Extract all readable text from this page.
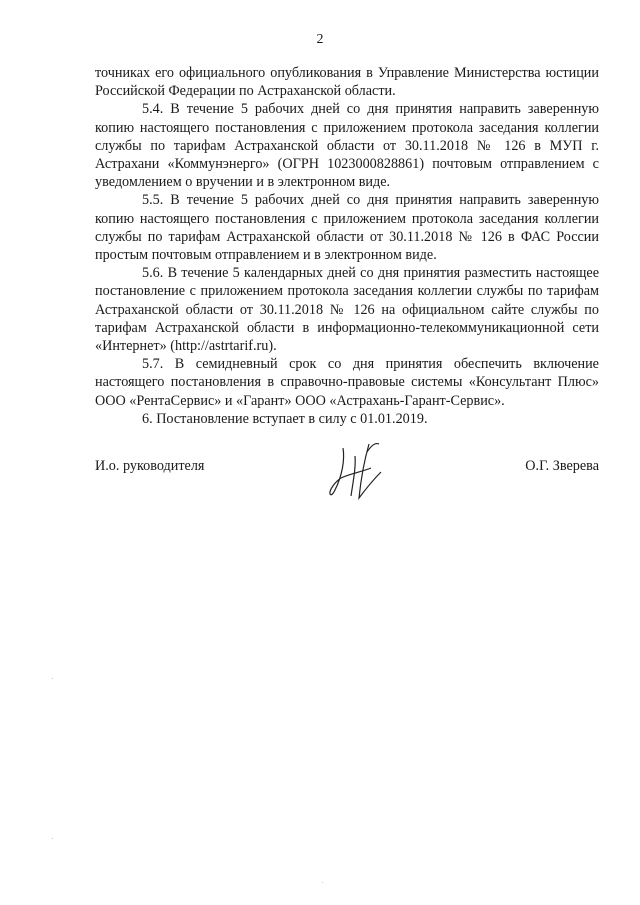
2

точниках его официального опубликования в Управление Министерства юстиции Российской Федерации по Астраханской области.

5.4. В течение 5 рабочих дней со дня принятия направить заверенную копию настоящего постановления с приложением протокола заседания коллегии службы по тарифам Астраханской области от 30.11.2018 № 126 в МУП г. Астрахани «Коммунэнерго» (ОГРН 1023000828861) почтовым отправлением с уведомлением о вручении и в электронном виде.

5.5. В течение 5 рабочих дней со дня принятия направить заверенную копию настоящего постановления с приложением протокола заседания коллегии службы по тарифам Астраханской области от 30.11.2018 № 126 в ФАС России простым почтовым отправлением и в электронном виде.

5.6. В течение 5 календарных дней со дня принятия разместить настоящее постановление с приложением протокола заседания коллегии службы по тарифам Астраханской области от 30.11.2018 № 126 на официальном сайте службы по тарифам Астраханской области в информационно-телекоммуникационной сети «Интернет» (http://astrtarif.ru).

5.7. В семидневный срок со дня принятия обеспечить включение настоящего постановления в справочно-правовые системы «Консультант Плюс» ООО «РентаСервис» и «Гарант» ООО «Астрахань-Гарант-Сервис».

6. Постановление вступает в силу с 01.01.2019.

И.о. руководителя	О.Г. Зверева
